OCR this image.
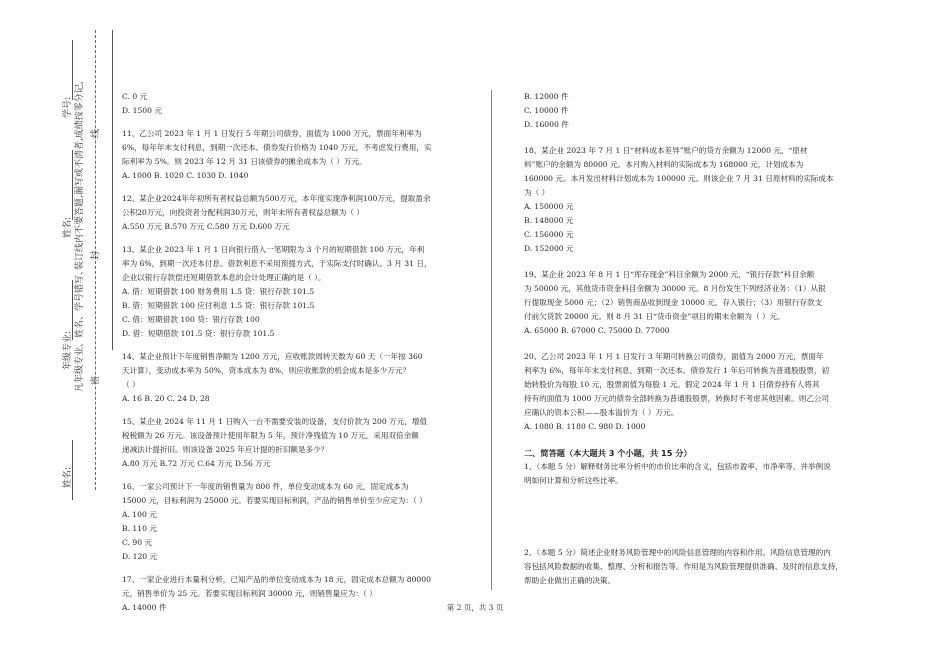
学号:
姓名: 装订线内不要答题,漏写或不清者,成绩按零分记,
年级专业: 凡年级专业、姓名、学号错写、 密
封
线
姓名:

C. 0 元

D. 1500 元

11、乙公司 2023 年 1 月 1 日发行 5 年期公司债券，面值为 1000 万元，票面年利率为

6%，每年年末支付利息，到期一次还本。债券发行价格为 1040 万元，不考虑发行费用，实

际利率为 5%。则 2023 年 12 月 31 日该债券的摊余成本为（ ）万元。

A. 1000 B. 1020 C. 1030 D. 1040

12、某企业2024年年初所有者权益总额为500万元，本年度实现净利润100万元，提取盈余

公积20万元，向投资者分配利润30万元，则年末所有者权益总额为（ ）

A.550 万元 B.570 万元 C.580 万元 D.600 万元

13、某企业 2023 年 1 月 1 日向银行借入一笔期限为 3 个月的短期借款 100 万元，年利

率为 6%，到期一次还本付息。借款利息不采用预提方式，于实际支付时确认。3 月 31 日，

企业以银行存款偿还短期借款本息的会计处理正确的是（ ）。

A. 借：短期借款 100 财务费用 1.5 贷：银行存款 101.5

B. 借：短期借款 100 应付利息 1.5 贷：银行存款 101.5

C. 借：短期借款 100 贷：银行存款 100

D. 借：短期借款 101.5 贷：银行存款 101.5

14、某企业预计下年度销售净额为 1200 万元，应收账款周转天数为 60 天（一年按 360

天计算），变动成本率为 50%，资本成本为 8%，则应收账款的机会成本是多少万元？

（ ）

A. 16 B. 20 C. 24 D. 28

15、某企业 2024 年 11 月 1 日购入一台不需要安装的设备，支付价款为 200 万元，增值

税税额为 26 万元。该设备预计使用年限为 5 年，预计净残值为 10 万元，采用双倍余额

递减法计提折旧。则该设备 2025 年应计提的折旧额是多少？

A.80 万元 B.72 万元 C.64 万元 D.56 万元

16、一家公司预计下一年度的销售量为 800 件，单位变动成本为 60 元，固定成本为

15000 元，目标利润为 25000 元。若要实现目标利润，产品的销售单价至少应定为：（ ）

A. 100 元

B. 110 元

C. 90 元

D. 120 元

17、一家企业进行本量利分析，已知产品的单位变动成本为 18 元，固定成本总额为 80000

元，销售单价为 25 元。若要实现目标利润 30000 元，则销售量应为：（ ）

A. 14000 件

B. 12000 件

C. 10000 件

D. 16000 件

18、某企业 2023 年 7 月 1 日“材料成本差异”账户的贷方余额为 12000 元，“原材

料”账户的余额为 80000 元。本月购入材料的实际成本为 168000 元，计划成本为

160000 元。本月发出材料计划成本为 100000 元。则该企业 7 月 31 日原材料的实际成本

为（ ）

A. 150000 元

B. 148000 元

C. 156000 元

D. 152000 元

19、某企业 2023 年 8 月 1 日“库存现金”科目余额为 2000 元，“银行存款”科目余额

为 50000 元，其他货币资金科目余额为 30000 元。8 月份发生下列经济业务：（1）从银

行提取现金 5000 元；（2）销售商品收到现金 10000 元，存入银行；（3）用银行存款支

付前欠货款 20000 元。则 8 月 31 日“货币资金”项目的期末余额为（ ）元。

A. 65000 B. 67000 C. 75000 D. 77000

20、乙公司 2023 年 1 月 1 日发行 3 年期可转换公司债券，面值为 2000 万元，票面年

利率为 6%，每年年末支付利息，到期一次还本。债券发行 1 年后可转换为普通股股票，初

始转股价为每股 10 元，股票面值为每股 1 元。假定 2024 年 1 月 1 日债券持有人将其

持有的面值为 1000 万元的债券全部转换为普通股股票，转换时不考虑其他因素。则乙公司

应确认的资本公积——股本溢价为（ ）万元。

A. 1080 B. 1180 C. 980 D. 1000

二、简答题（本大题共 3 个小题，共 15 分）

1、（本题 5 分）解释财务比率分析中的市价比率的含义，包括市盈率、市净率等，并举例说

明如何计算和分析这些比率。

2、（本题 5 分）简述企业财务风险管理中的风险信息管理的内容和作用。风险信息管理的内

容包括风险数据的收集、整理、分析和报告等。作用是为风险管理提供准确、及时的信息支持，

帮助企业做出正确的决策。

第 2 页，共 3 页
